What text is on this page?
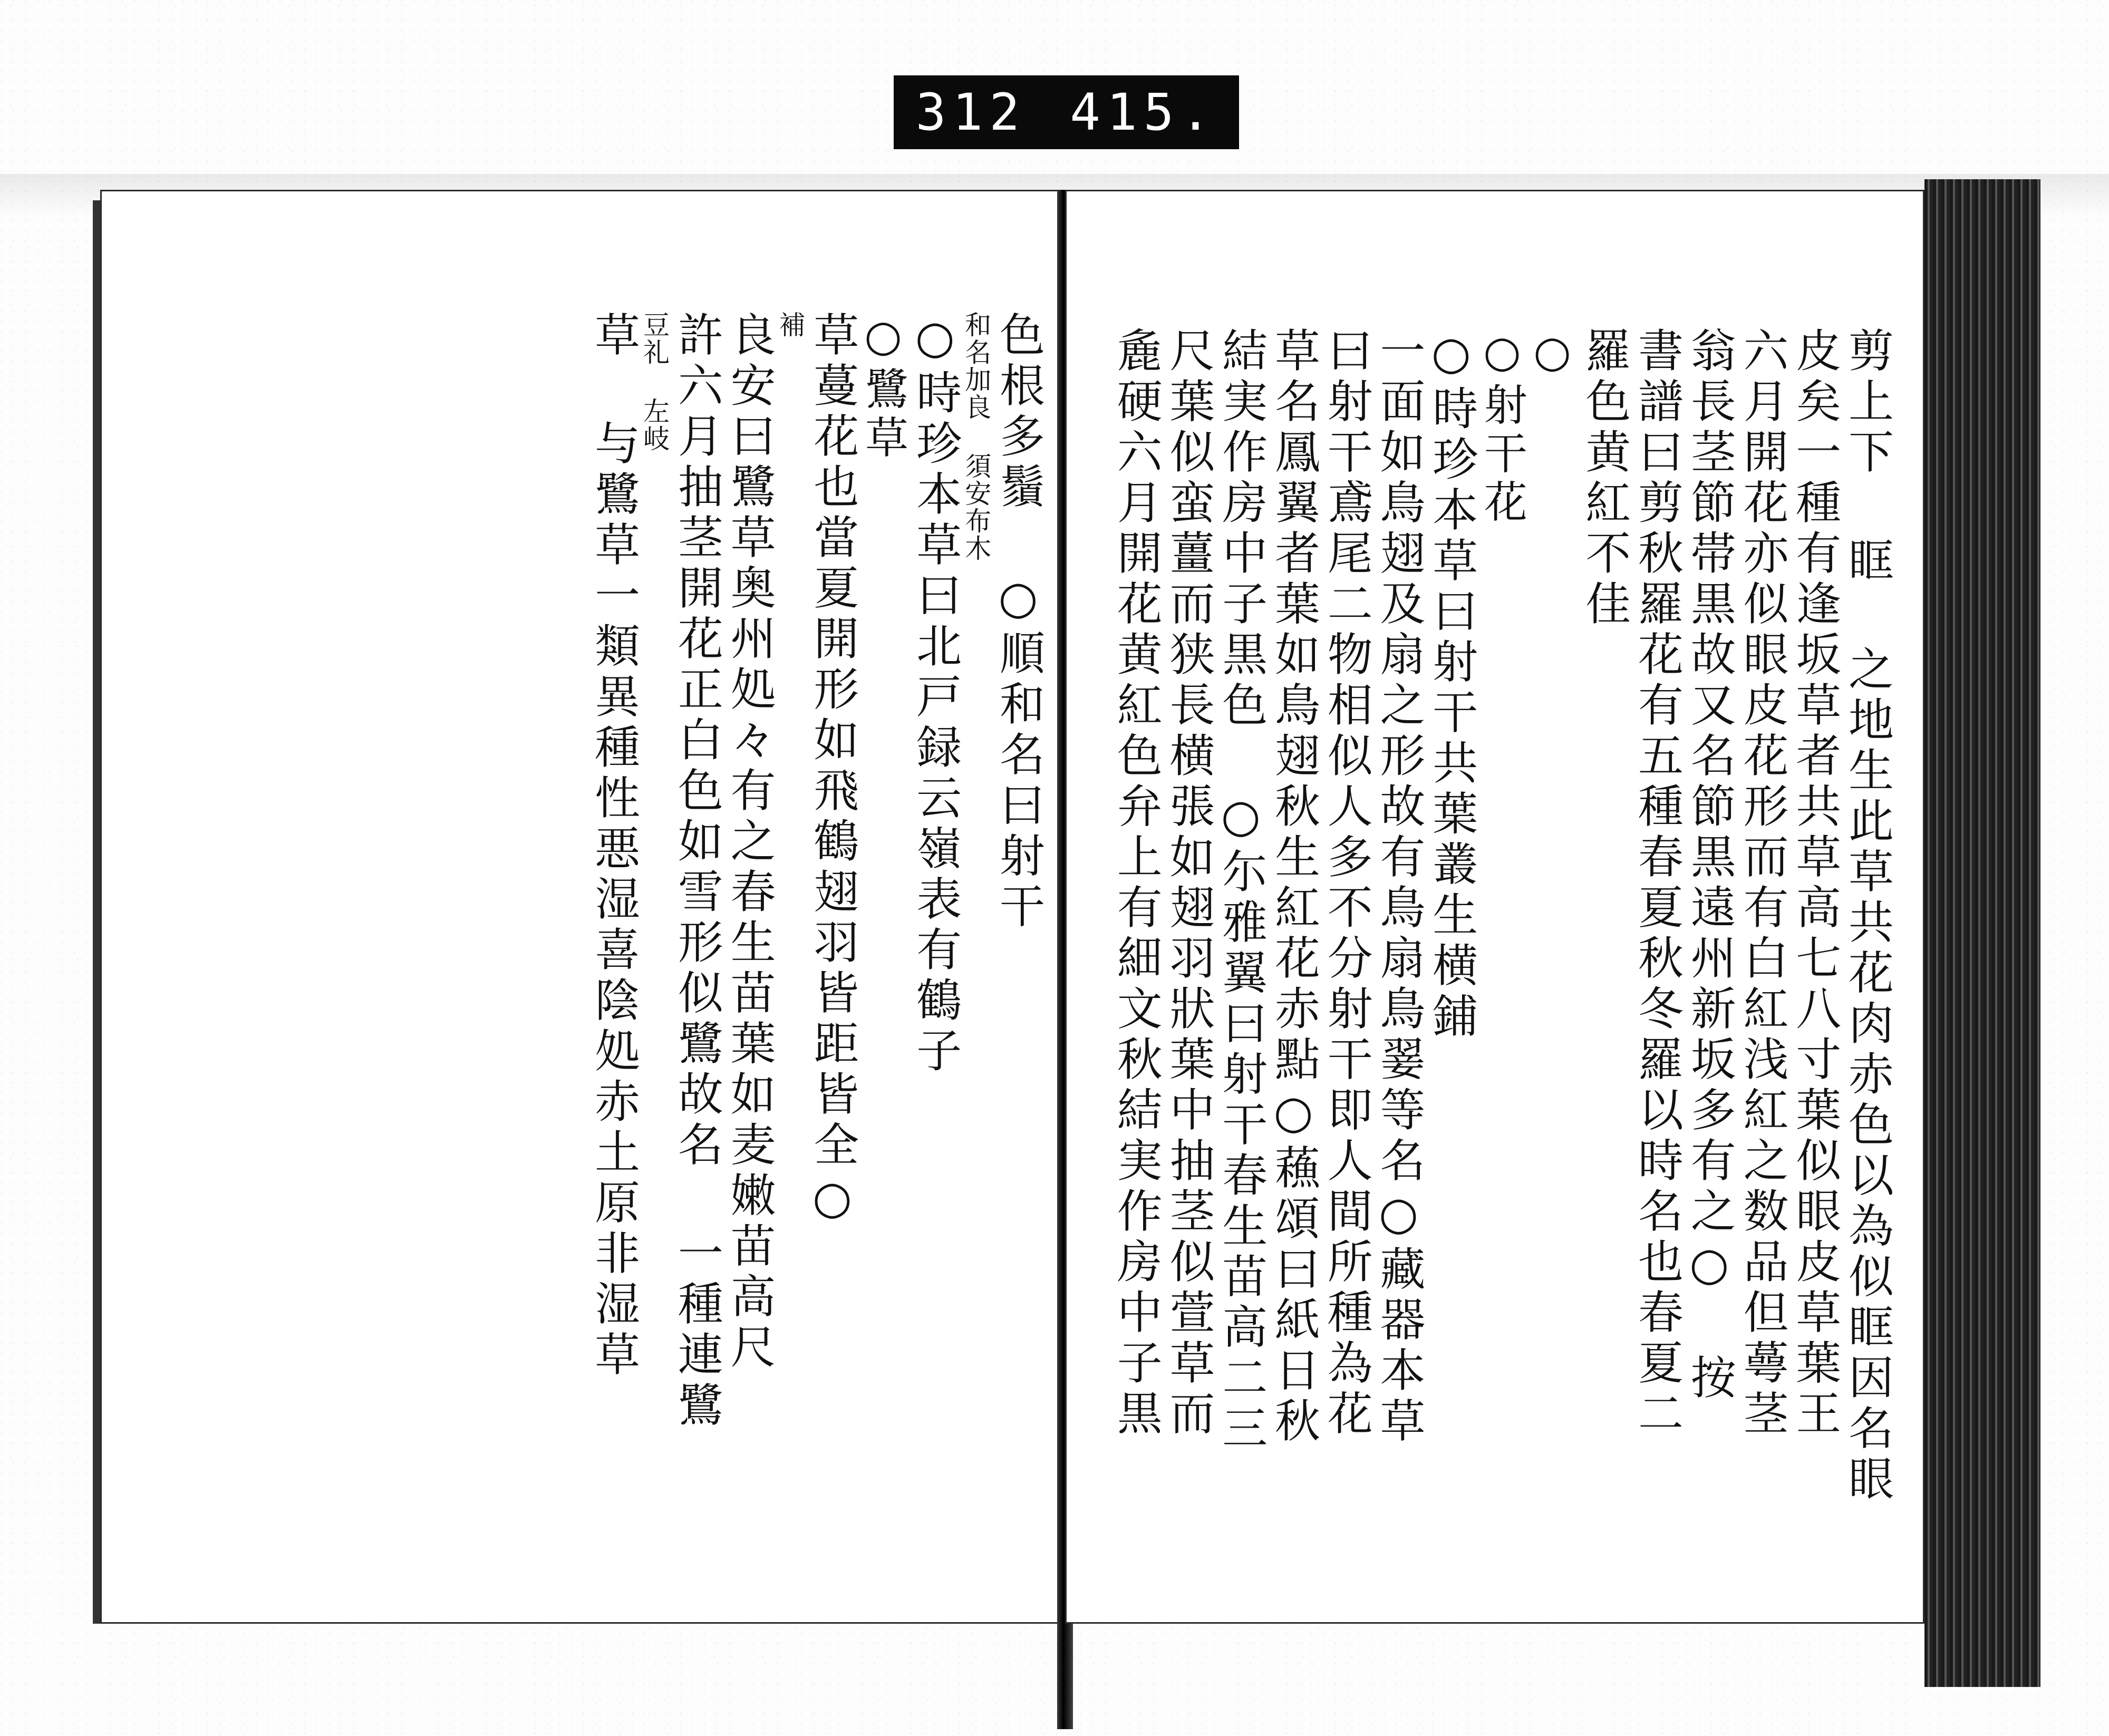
312 415.
色根多鬚 ○順和名曰射干
和名加良 須安布木
○時珍本草曰北戸録云嶺表有鶴子
○鷺草
草蔓花也當夏開形如飛鶴翅羽皆距皆全○
補
良安曰鷺草奥州処々有之春生苗葉如麦嫩苗高尺
許六月抽茎開花正白色如雪形似鷺故名 一種連鷺
豆礼 左岐
草 与鷺草一類異種性悪湿喜陰処赤土原非湿草	剪上下 眶 之地生此草共花肉赤色以為似眶因名眼
皮矣一種有逢坂草者共草高七八寸葉似眼皮草葉王
六月開花亦似眼皮花形而有白紅浅紅之数品但蕚茎
翁長茎節帯黒故又名節黒遠州新坂多有之○ 按
書譜曰剪秋羅花有五種春夏秋冬羅以時名也春夏二
羅色黄紅不佳
○
○射干花
○時珍本草曰射干共葉叢生横鋪
一面如鳥翅及扇之形故有鳥扇鳥翣等名○藏器本草
曰射干鳶尾二物相似人多不分射干即人間所種為花
草名鳳翼者葉如鳥翅秋生紅花赤點○蘓頌曰紙日秋
結実作房中子黒色 ○尓雅翼曰射干春生苗高二三
尺葉似蛮薑而狭長横張如翅羽狀葉中抽茎似萱草而
麁硬六月開花黄紅色弁上有細文秋結実作房中子黒
